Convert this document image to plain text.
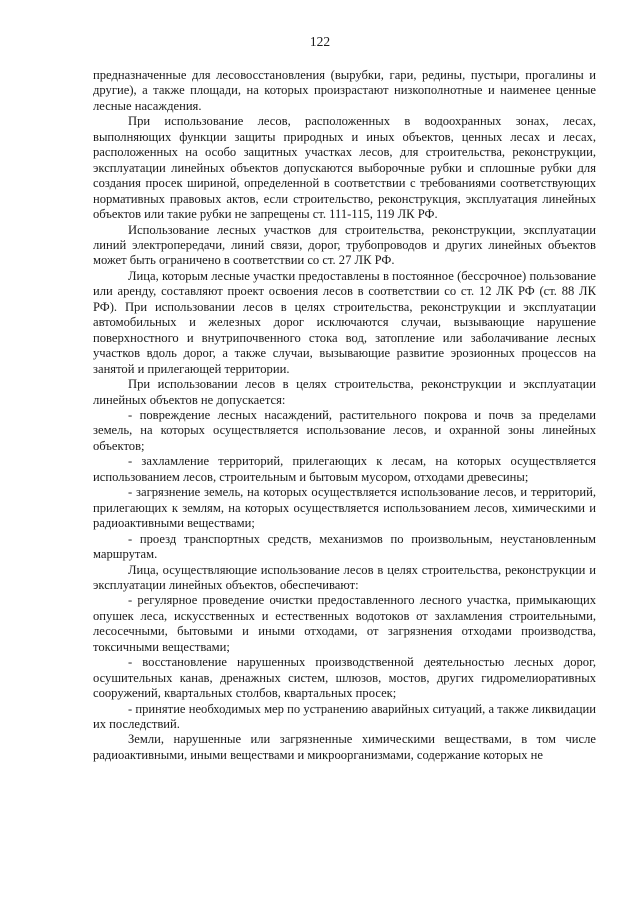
122

предназначенные для лесовосстановления (вырубки, гари, редины, пустыри, прогалины и другие), а также площади, на которых произрастают низкополнотные и наименее ценные лесные насаждения.

При использование лесов, расположенных в водоохранных зонах, лесах, выполняющих функции защиты природных и иных объектов, ценных лесах и лесах, расположенных на особо защитных участках лесов, для строительства, реконструкции, эксплуатации линейных объектов допускаются выборочные рубки и сплошные рубки для создания просек шириной, определенной в соответствии с требованиями соответствующих нормативных правовых актов, если строительство, реконструкция, эксплуатация линейных объектов или такие рубки не запрещены ст. 111-115, 119 ЛК РФ.

Использование лесных участков для строительства, реконструкции, эксплуатации линий электропередачи, линий связи, дорог, трубопроводов и других линейных объектов может быть ограничено в соответствии со ст. 27 ЛК РФ.

Лица, которым лесные участки предоставлены в постоянное (бессрочное) пользование или аренду, составляют проект освоения лесов в соответствии со ст. 12 ЛК РФ (ст. 88 ЛК РФ). При использовании лесов в целях строительства, реконструкции и эксплуатации автомобильных и железных дорог исключаются случаи, вызывающие нарушение поверхностного и внутрипочвенного стока вод, затопление или заболачивание лесных участков вдоль дорог, а также случаи, вызывающие развитие эрозионных процессов на занятой и прилегающей территории.

При использовании лесов в целях строительства, реконструкции и эксплуатации линейных объектов не допускается:

- повреждение лесных насаждений, растительного покрова и почв за пределами земель, на которых осуществляется использование лесов, и охранной зоны линейных объектов;

- захламление территорий, прилегающих к лесам, на которых осуществляется использованием лесов, строительным и бытовым мусором, отходами древесины;

- загрязнение земель, на которых осуществляется использование лесов, и территорий, прилегающих к землям, на которых осуществляется использованием лесов, химическими и радиоактивными веществами;

- проезд транспортных средств, механизмов по произвольным, неустановленным маршрутам.

Лица, осуществляющие использование лесов в целях строительства, реконструкции и эксплуатации линейных объектов, обеспечивают:

- регулярное проведение очистки предоставленного лесного участка, примыкающих опушек леса, искусственных и естественных водотоков от захламления строительными, лесосечными, бытовыми и иными отходами, от загрязнения отходами производства, токсичными веществами;

- восстановление нарушенных производственной деятельностью лесных дорог, осушительных канав, дренажных систем, шлюзов, мостов, других гидромелиоративных сооружений, квартальных столбов, квартальных просек;

- принятие необходимых мер по устранению аварийных ситуаций, а также ликвидации их последствий.

Земли, нарушенные или загрязненные химическими веществами, в том числе радиоактивными, иными веществами и микроорганизмами, содержание которых не
